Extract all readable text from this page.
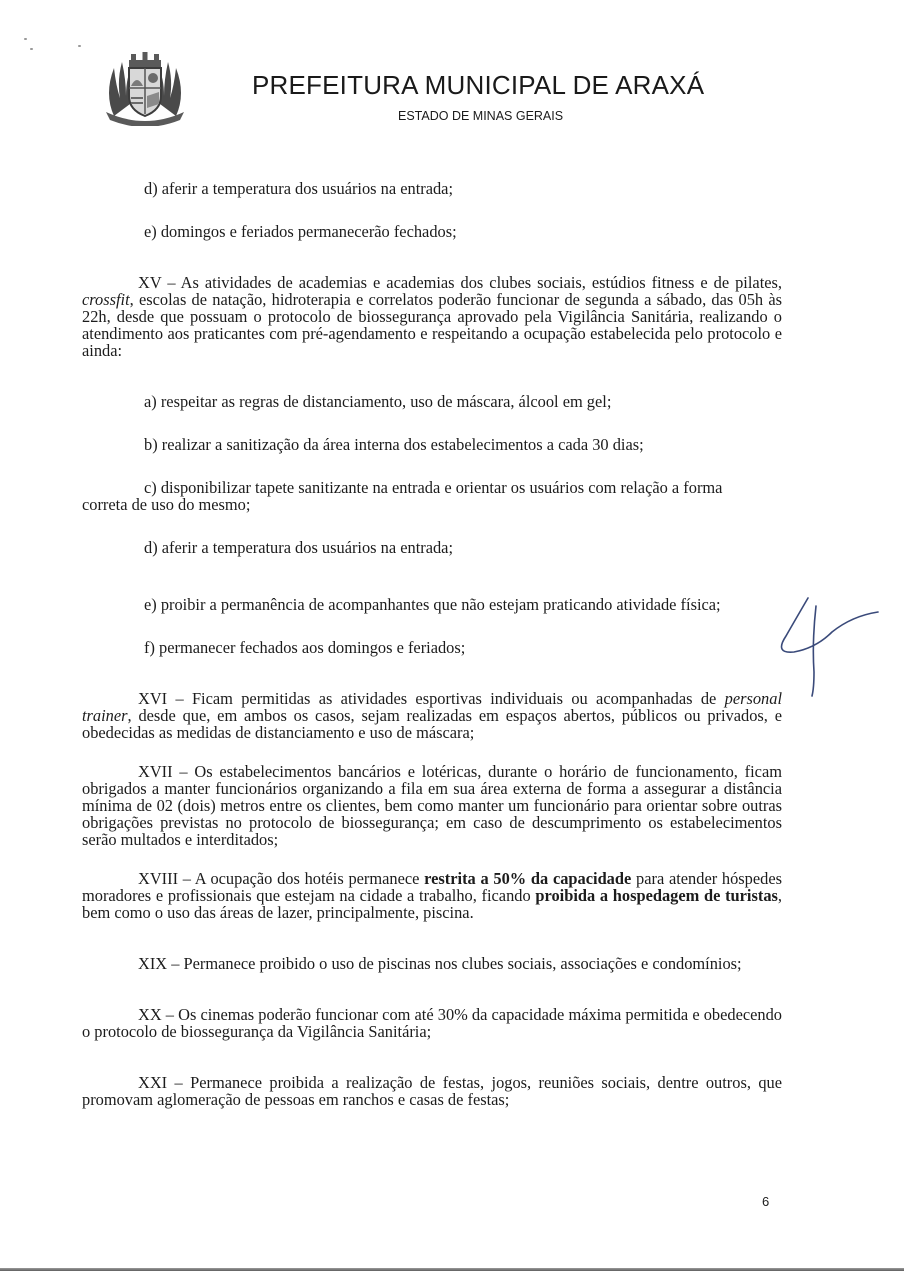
PREFEITURA MUNICIPAL DE ARAXÁ
ESTADO DE MINAS GERAIS

d) aferir a temperatura dos usuários na entrada;

e) domingos e feriados permanecerão fechados;

XV – As atividades de academias e academias dos clubes sociais, estúdios fitness e de pilates, crossfit, escolas de natação, hidroterapia e correlatos poderão funcionar de segunda a sábado, das 05h às 22h, desde que possuam o protocolo de biossegurança aprovado pela Vigilância Sanitária, realizando o atendimento aos praticantes com pré-agendamento e respeitando a ocupação estabelecida pelo protocolo e ainda:

a) respeitar as regras de distanciamento, uso de máscara, álcool em gel;

b) realizar a sanitização da área interna dos estabelecimentos a cada 30 dias;

c) disponibilizar tapete sanitizante na entrada e orientar os usuários com relação a forma
correta de uso do mesmo;

d) aferir a temperatura dos usuários na entrada;

e) proibir a permanência de acompanhantes que não estejam praticando atividade física;

f) permanecer fechados aos domingos e feriados;

XVI – Ficam permitidas as atividades esportivas individuais ou acompanhadas de personal trainer, desde que, em ambos os casos, sejam realizadas em espaços abertos, públicos ou privados, e obedecidas as medidas de distanciamento e uso de máscara;

XVII – Os estabelecimentos bancários e lotéricas, durante o horário de funcionamento, ficam obrigados a manter funcionários organizando a fila em sua área externa de forma a assegurar a distância mínima de 02 (dois) metros entre os clientes, bem como manter um funcionário para orientar sobre outras obrigações previstas no protocolo de biossegurança; em caso de descumprimento os estabelecimentos serão multados e interditados;

XVIII – A ocupação dos hotéis permanece restrita a 50% da capacidade para atender hóspedes moradores e profissionais que estejam na cidade a trabalho, ficando proibida a hospedagem de turistas, bem como o uso das áreas de lazer, principalmente, piscina.

XIX – Permanece proibido o uso de piscinas nos clubes sociais, associações e condomínios;

XX – Os cinemas poderão funcionar com até 30% da capacidade máxima permitida e obedecendo o protocolo de biossegurança da Vigilância Sanitária;

XXI – Permanece proibida a realização de festas, jogos, reuniões sociais, dentre outros, que promovam aglomeração de pessoas em ranchos e casas de festas;

6
